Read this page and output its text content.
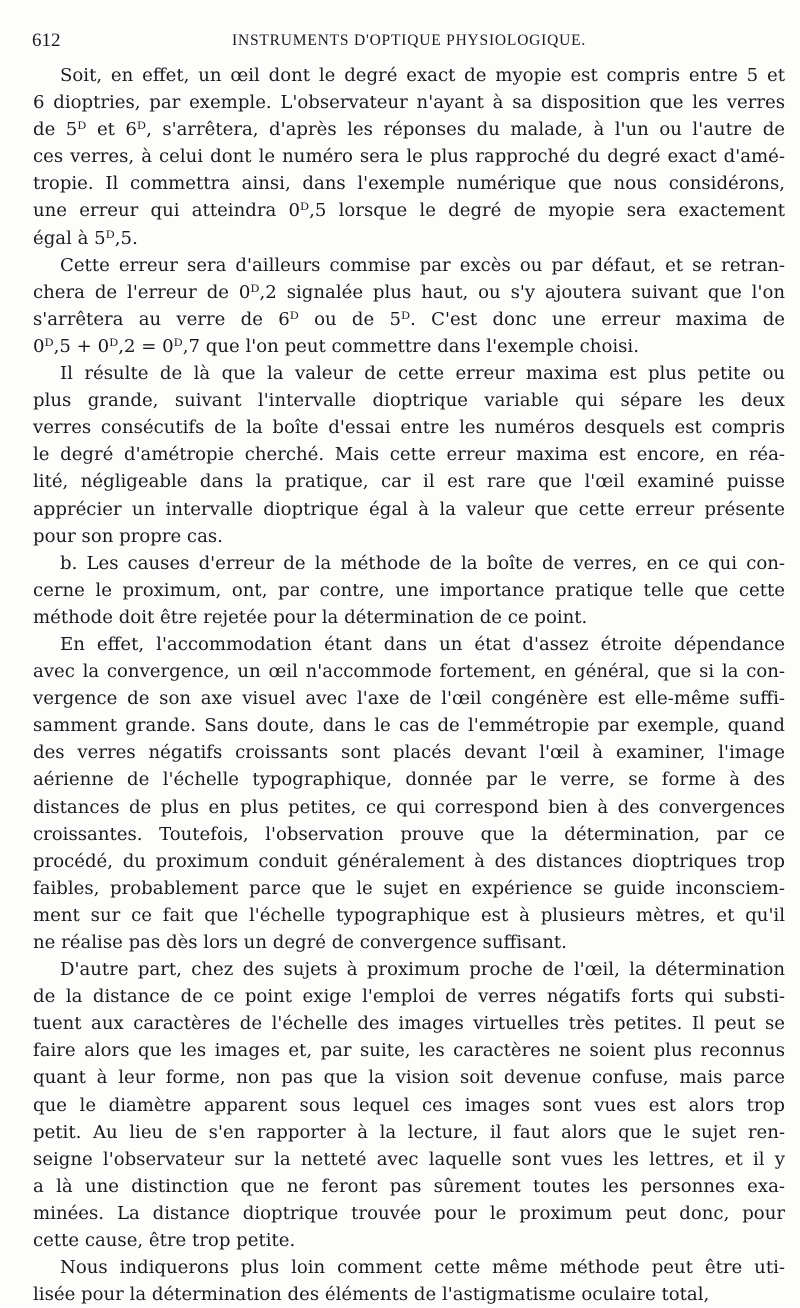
612	INSTRUMENTS D'OPTIQUE PHYSIOLOGIQUE.
Soit, en effet, un œil dont le degré exact de myopie est compris entre 5 et
6 dioptries, par exemple. L'observateur n'ayant à sa disposition que les verres
de 5ᴰ et 6ᴰ, s'arrêtera, d'après les réponses du malade, à l'un ou l'autre de
ces verres, à celui dont le numéro sera le plus rapproché du degré exact d'amé-
tropie. Il commettra ainsi, dans l'exemple numérique que nous considérons,
une erreur qui atteindra 0ᴰ,5 lorsque le degré de myopie sera exactement
égal à 5ᴰ,5.
Cette erreur sera d'ailleurs commise par excès ou par défaut, et se retran-
chera de l'erreur de 0ᴰ,2 signalée plus haut, ou s'y ajoutera suivant que l'on
s'arrêtera au verre de 6ᴰ ou de 5ᴰ. C'est donc une erreur maxima de
0ᴰ,5 + 0ᴰ,2 = 0ᴰ,7 que l'on peut commettre dans l'exemple choisi.
Il résulte de là que la valeur de cette erreur maxima est plus petite ou
plus grande, suivant l'intervalle dioptrique variable qui sépare les deux
verres consécutifs de la boîte d'essai entre les numéros desquels est compris
le degré d'amétropie cherché. Mais cette erreur maxima est encore, en réa-
lité, négligeable dans la pratique, car il est rare que l'œil examiné puisse
apprécier un intervalle dioptrique égal à la valeur que cette erreur présente
pour son propre cas.
b. Les causes d'erreur de la méthode de la boîte de verres, en ce qui con-
cerne le proximum, ont, par contre, une importance pratique telle que cette
méthode doit être rejetée pour la détermination de ce point.
En effet, l'accommodation étant dans un état d'assez étroite dépendance
avec la convergence, un œil n'accommode fortement, en général, que si la con-
vergence de son axe visuel avec l'axe de l'œil congénère est elle-même suffi-
samment grande. Sans doute, dans le cas de l'emmétropie par exemple, quand
des verres négatifs croissants sont placés devant l'œil à examiner, l'image
aérienne de l'échelle typographique, donnée par le verre, se forme à des
distances de plus en plus petites, ce qui correspond bien à des convergences
croissantes. Toutefois, l'observation prouve que la détermination, par ce
procédé, du proximum conduit généralement à des distances dioptriques trop
faibles, probablement parce que le sujet en expérience se guide inconsciem-
ment sur ce fait que l'échelle typographique est à plusieurs mètres, et qu'il
ne réalise pas dès lors un degré de convergence suffisant.
D'autre part, chez des sujets à proximum proche de l'œil, la détermination
de la distance de ce point exige l'emploi de verres négatifs forts qui substi-
tuent aux caractères de l'échelle des images virtuelles très petites. Il peut se
faire alors que les images et, par suite, les caractères ne soient plus reconnus
quant à leur forme, non pas que la vision soit devenue confuse, mais parce
que le diamètre apparent sous lequel ces images sont vues est alors trop
petit. Au lieu de s'en rapporter à la lecture, il faut alors que le sujet ren-
seigne l'observateur sur la netteté avec laquelle sont vues les lettres, et il y
a là une distinction que ne feront pas sûrement toutes les personnes exa-
minées. La distance dioptrique trouvée pour le proximum peut donc, pour
cette cause, être trop petite.
Nous indiquerons plus loin comment cette même méthode peut être uti-
lisée pour la détermination des éléments de l'astigmatisme oculaire total,
